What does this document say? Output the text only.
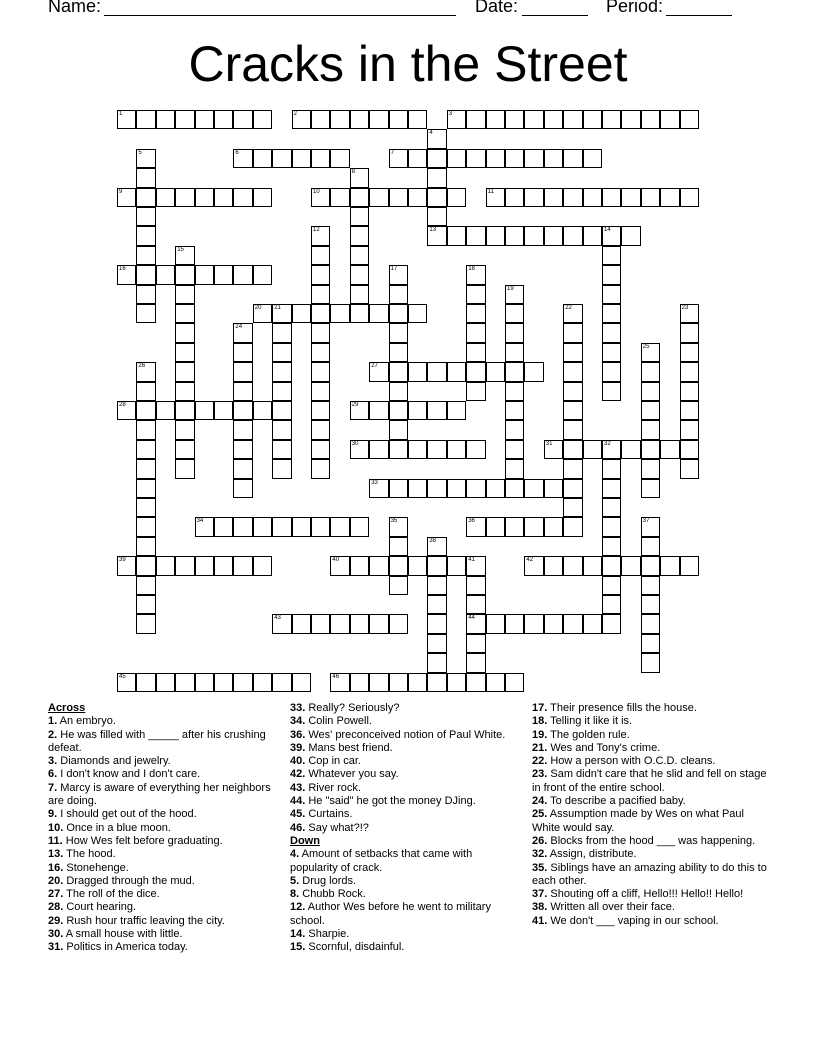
Name:	Date:	Period:
Cracks in the Street
1	2	3
4
13
5	6	7
8
9	10	11
12	14
15
16	17	18
19
20 21	22	23
24
25
26	27
28	29
30	31	32
33
34	35	36	37
38
39	40	41
44
42
43
45	46

Across

1. An embryo.

2. He was filled with _____ after his crushing defeat.

3. Diamonds and jewelry.

6. I don't know and I don't care.

7. Marcy is aware of everything her neighbors are doing.

9. I should get out of the hood.

10. Once in a blue moon.

11. How Wes felt before graduating.

13. The hood.

16. Stonehenge.

20. Dragged through the mud.

27. The roll of the dice.

28. Court hearing.

29. Rush hour traffic leaving the city.

30. A small house with little.

31. Politics in America today.

33. Really? Seriously?

34. Colin Powell.

36. Wes' preconceived notion of Paul White.

39. Mans best friend.

40. Cop in car.

42. Whatever you say.

43. River rock.

44. He "said" he got the money DJing.

45. Curtains.

46. Say what?!?

Down

4. Amount of setbacks that came with popularity of crack.

5. Drug lords.

8. Chubb Rock.

12. Author Wes before he went to military school.

14. Sharpie.

15. Scornful, disdainful.

17. Their presence fills the house.

18. Telling it like it is.

19. The golden rule.

21. Wes and Tony's crime.

22. How a person with O.C.D. cleans.

23. Sam didn't care that he slid and fell on stage in front of the entire school.

24. To describe a pacified baby.

25. Assumption made by Wes on what Paul White would say.

26. Blocks from the hood ___ was happening.

32. Assign, distribute.

35. Siblings have an amazing ability to do this to each other.

37. Shouting off a cliff, Hello!!! Hello!! Hello!

38. Written all over their face.

41. We don't ___ vaping in our school.
